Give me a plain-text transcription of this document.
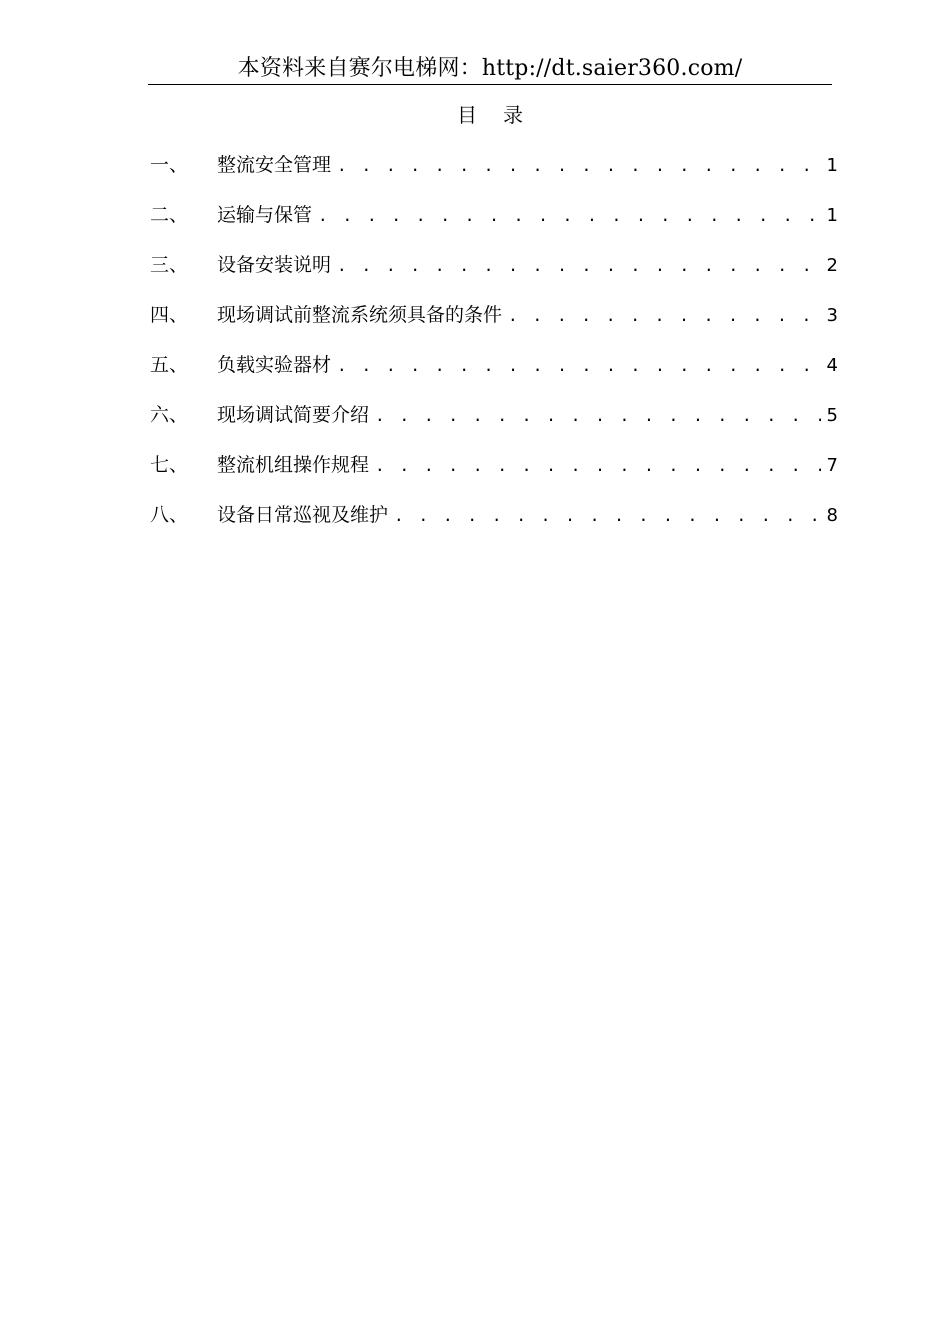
本资料来自赛尔电梯网：http://dt.saier360.com/
目 录
一、	整流安全管理 . . .	1
二、	运输与保管 . . .	1
三、	设备安装说明 . . .	2
四、	现场调试前整流系统须具备的条件 . . .	3
五、	负载实验器材 . . .	4
六、	现场调试简要介绍 . . .	5
七、	整流机组操作规程 . . .	7
八、	设备日常巡视及维护 . . .	8
